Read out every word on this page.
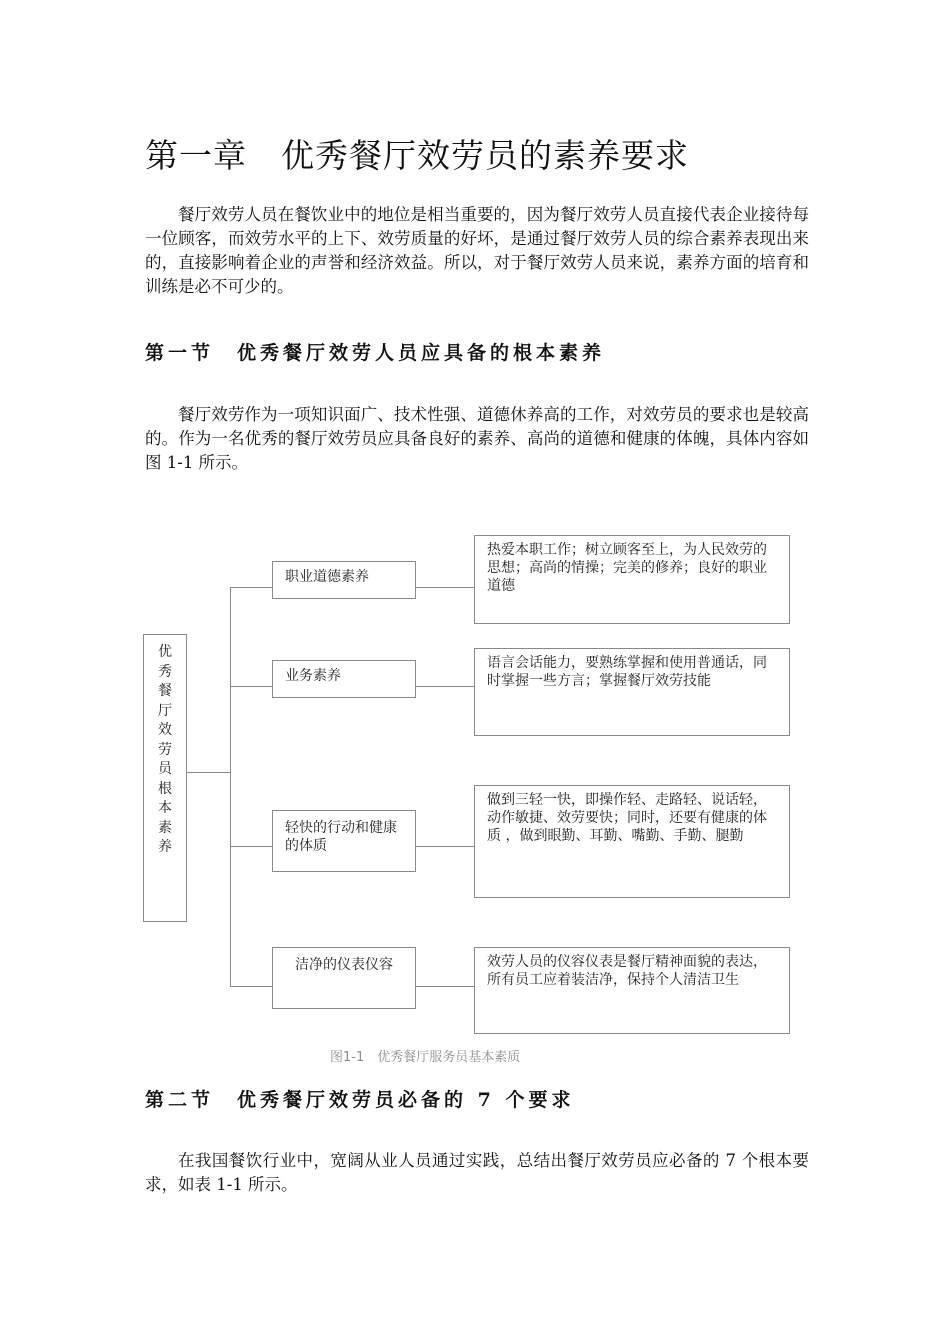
第一章　优秀餐厅效劳员的素养要求

餐厅效劳人员在餐饮业中的地位是相当重要的，因为餐厅效劳人员直接代表企业接待每一位顾客，而效劳水平的上下、效劳质量的好坏，是通过餐厅效劳人员的综合素养表现出来的，直接影响着企业的声誉和经济效益。所以，对于餐厅效劳人员来说，素养方面的培育和训练是必不可少的。

第一节　优秀餐厅效劳人员应具备的根本素养

餐厅效劳作为一项知识面广、技术性强、道德休养高的工作，对效劳员的要求也是较高的。作为一名优秀的餐厅效劳员应具备良好的素养、高尚的道德和健康的体魄，具体内容如图 1-1 所示。

优秀餐厅效劳员根本素养
职业道德素养
业务素养
轻快的行动和健康的体质
洁净的仪表仪容
热爱本职工作；树立顾客至上，为人民效劳的思想；高尚的情操；完美的修养；良好的职业道德
语言会话能力，要熟练掌握和使用普通话，同时掌握一些方言；掌握餐厅效劳技能
做到三轻一快，即操作轻、走路轻、说话轻，动作敏捷、效劳要快；同时，还要有健康的体质 ，做到眼勤、耳勤、嘴勤、手勤、腿勤
效劳人员的仪容仪表是餐厅精神面貌的表达，所有员工应着装洁净，保持个人清洁卫生
图1-1　优秀餐厅服务员基本素质
第二节　优秀餐厅效劳员必备的 7 个要求

在我国餐饮行业中，宽阔从业人员通过实践，总结出餐厅效劳员应必备的 7 个根本要求，如表 1-1 所示。
